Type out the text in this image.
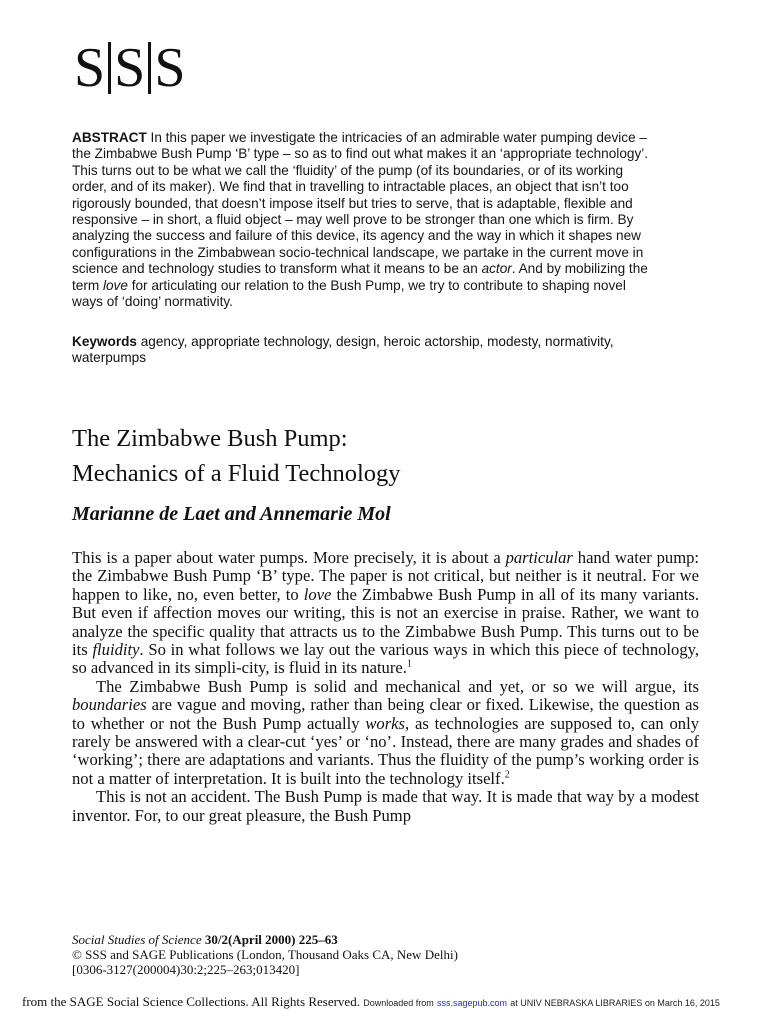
S S S
ABSTRACT In this paper we investigate the intricacies of an admirable water pumping device – the Zimbabwe Bush Pump ‘B’ type – so as to find out what makes it an ‘appropriate technology’. This turns out to be what we call the ‘fluidity’ of the pump (of its boundaries, or of its working order, and of its maker). We find that in travelling to intractable places, an object that isn’t too rigorously bounded, that doesn’t impose itself but tries to serve, that is adaptable, flexible and responsive – in short, a fluid object – may well prove to be stronger than one which is firm. By analyzing the success and failure of this device, its agency and the way in which it shapes new configurations in the Zimbabwean socio-technical landscape, we partake in the current move in science and technology studies to transform what it means to be an actor. And by mobilizing the term love for articulating our relation to the Bush Pump, we try to contribute to shaping novel ways of ‘doing’ normativity.
Keywords agency, appropriate technology, design, heroic actorship, modesty, normativity, waterpumps
The Zimbabwe Bush Pump:
Mechanics of a Fluid Technology
Marianne de Laet and Annemarie Mol

This is a paper about water pumps. More precisely, it is about a particular hand water pump: the Zimbabwe Bush Pump ‘B’ type. The paper is not critical, but neither is it neutral. For we happen to like, no, even better, to love the Zimbabwe Bush Pump in all of its many variants. But even if affection moves our writing, this is not an exercise in praise. Rather, we want to analyze the specific quality that attracts us to the Zimbabwe Bush Pump. This turns out to be its fluidity. So in what follows we lay out the various ways in which this piece of technology, so advanced in its simpli-city, is fluid in its nature.$^1$

The Zimbabwe Bush Pump is solid and mechanical and yet, or so we will argue, its boundaries are vague and moving, rather than being clear or fixed. Likewise, the question as to whether or not the Bush Pump actually works, as technologies are supposed to, can only rarely be answered with a clear-cut ‘yes’ or ‘no’. Instead, there are many grades and shades of ‘working’; there are adaptations and variants. Thus the fluidity of the pump’s working order is not a matter of interpretation. It is built into the technology itself.$^2$

This is not an accident. The Bush Pump is made that way. It is made that way by a modest inventor. For, to our great pleasure, the Bush Pump

Social Studies of Science 30/2(April 2000) 225–63
© SSS and SAGE Publications (London, Thousand Oaks CA, New Delhi)
[0306-3127(200004)30:2;225–263;013420]
from the SAGE Social Science Collections. All Rights Reserved. Downloaded from sss.sagepub.com at UNIV NEBRASKA LIBRARIES on March 16, 2015
